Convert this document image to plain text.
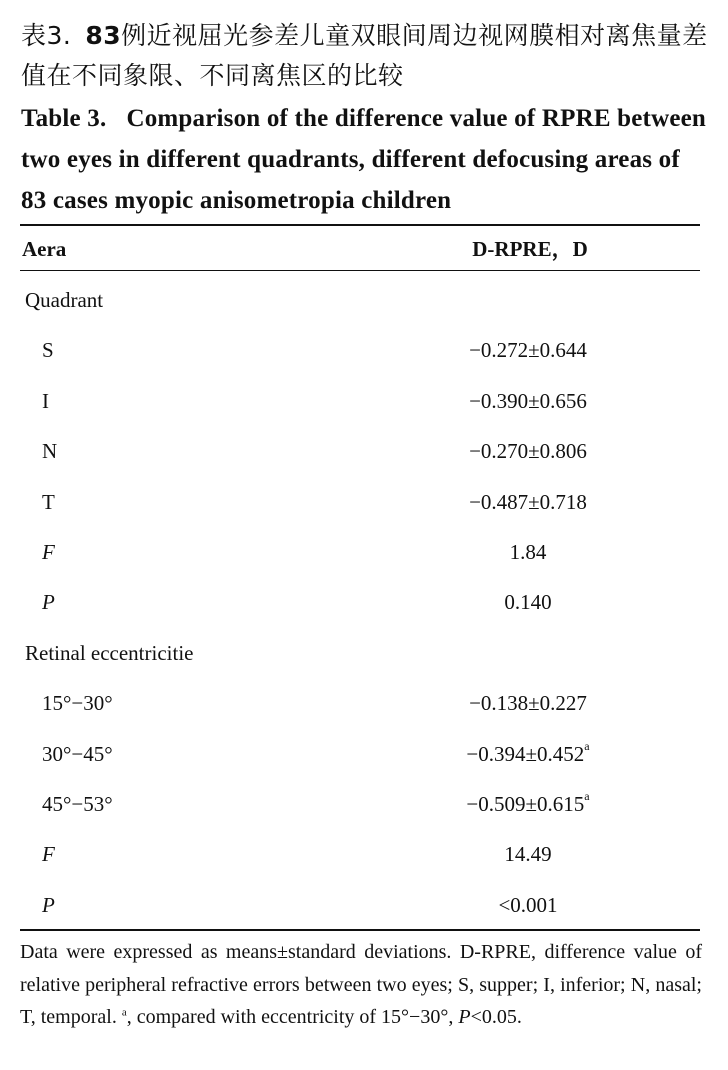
表3. 83例近视屈光参差儿童双眼间周边视网膜相对离焦量差值在不同象限、不同离焦区的比较
Table 3. Comparison of the difference value of RPRE between two eyes in different quadrants, different defocusing areas of 83 cases myopic anisometropia children
Aera	D-RPRE，D
Quadrant
S	−0.272±0.644
I	−0.390±0.656
N	−0.270±0.806
T	−0.487±0.718
F	1.84
P	0.140
Retinal eccentricitie
15°−30°	−0.138±0.227
30°−45°	−0.394±0.452$^a$
45°−53°	−0.509±0.615$^a$
F	14.49
P	<0.001
Data were expressed as means±standard deviations. D-RPRE, difference value of relative peripheral refractive errors between two eyes; S, supper; I, inferior; N, nasal; T, temporal. $^a$, compared with eccentricity of 15°−30°, P<0.05.
